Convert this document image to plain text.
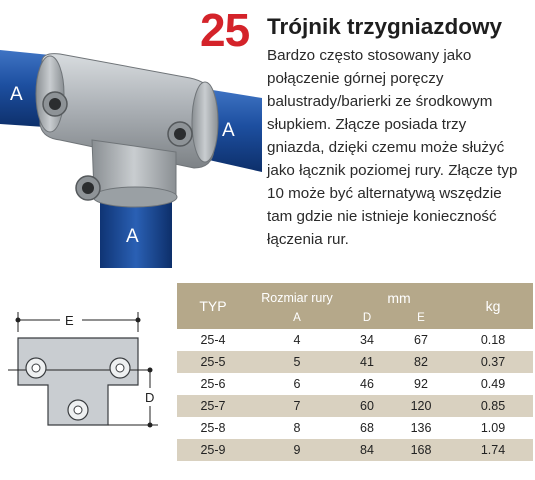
A
A
A
25 Trójnik trzygniazdowy
Bardzo często stosowany jako
połączenie górnej poręczy
balustrady/barierki ze środkowym
słupkiem. Złącze posiada trzy
gniazda, dzięki czemu może służyć
jako łącznik poziomej rury. Złącze typ
10 może być alternatywą wszędzie
tam gdzie nie istnieje konieczność
łączenia rur.
E
D
TYP	Rozmiar rury	mm		kg
	A	D	E	
25-4	4	34	67	0.18
25-5	5	41	82	0.37
25-6	6	46	92	0.49
25-7	7	60	120	0.85
25-8	8	68	136	1.09
25-9	9	84	168	1.74
